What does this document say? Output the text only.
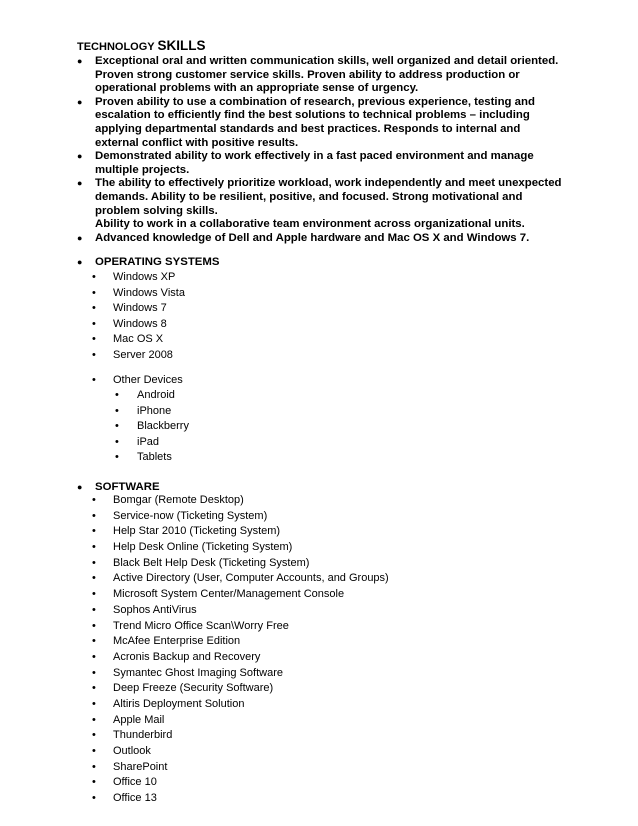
TECHNOLOGY SKILLS
● Exceptional oral and written communication skills, well organized and detail oriented.
Proven strong customer service skills. Proven ability to address production or
operational problems with an appropriate sense of urgency.
● Proven ability to use a combination of research, previous experience, testing and
escalation to efficiently find the best solutions to technical problems – including
applying departmental standards and best practices. Responds to internal and
external conflict with positive results.
● Demonstrated ability to work effectively in a fast paced environment and manage
multiple projects.
● The ability to effectively prioritize workload, work independently and meet unexpected
demands. Ability to be resilient, positive, and focused. Strong motivational and
problem solving skills.
Ability to work in a collaborative team environment across organizational units.
● Advanced knowledge of Dell and Apple hardware and Mac OS X and Windows 7.
● OPERATING SYSTEMS
• Windows XP
• Windows Vista
• Windows 7
• Windows 8
• Mac OS X
• Server 2008
• Other Devices
• Android
• iPhone
• Blackberry
• iPad
• Tablets
● SOFTWARE
• Bomgar (Remote Desktop)
• Service-now (Ticketing System)
• Help Star 2010 (Ticketing System)
• Help Desk Online (Ticketing System)
• Black Belt Help Desk (Ticketing System)
• Active Directory (User, Computer Accounts, and Groups)
• Microsoft System Center/Management Console
• Sophos AntiVirus
• Trend Micro Office Scan\Worry Free
• McAfee Enterprise Edition
• Acronis Backup and Recovery
• Symantec Ghost Imaging Software
• Deep Freeze (Security Software)
• Altiris Deployment Solution
• Apple Mail
• Thunderbird
• Outlook
• SharePoint
• Office 10
• Office 13
